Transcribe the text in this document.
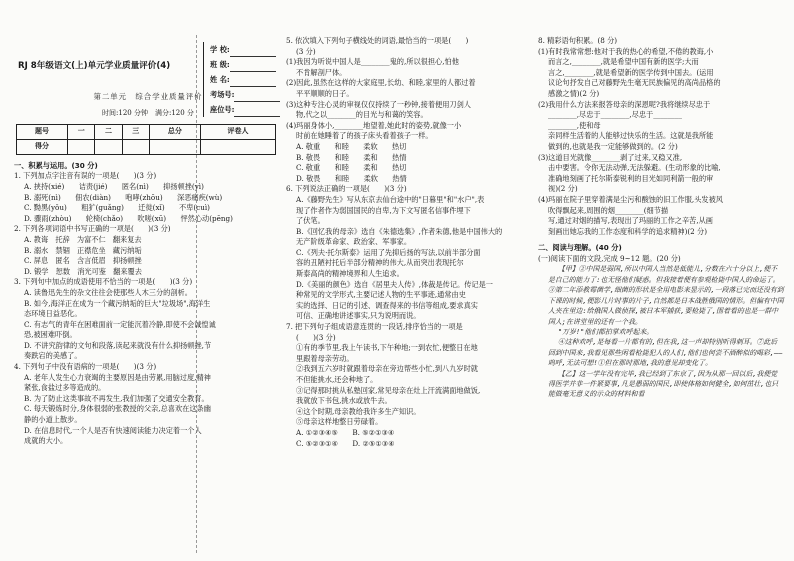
学 校:
班 级:
姓 名:
考场号:
座位号:

RJ 8年级语文(上)单元学业质量评价(4)

第二单元　综合学业质量评价

时间:120 分钟　满分:120 分

题号	一	二	三	总分	评卷人
得分					

一、积累与运用。(30 分)

1. 下列加点字注音有误的一项是(　　)(3 分)

A. 挟持(xié)　　诘责(jié)　　匿名(nì)　　抑扬顿挫(yì)

B. 溺死(nì)　　佃农(diàn)　　咆哮(zhōu)　　深恶痛疾(wù)

C. 黝黑(yǒu)　　粗犷(guǎng)　　迁徙(xǐ)　　不卑(cuì)

D. 骤雨(zhòu)　　轮椅(chǎo)　　吹嗟(xū)　　怦然心动(pēng)

2. 下列各项词语中书写正确的一项是(　　)(3 分)

A. 教诲　托辞　为富不仁　翻来复去

B. 溺水　禁锢　正襟危坐　藏污纳垢

C. 屏息　匿名　含言低眉　抑扬顿挫

D. 锻学　恕数　消光可鉴　翻来覆去

3. 下列句中加点的成语使用不恰当的一项是(　　)(3 分)

A. 读鲁迅先生的杂文往往会使那些人木三分的剖析。

B. 如今,海洋正在成为一个藏污纳垢的巨大"垃圾场",海洋生

态环境日益恶化。

C. 有志气的青年在困难面前一定能沉着冷静,即使不会诚惶诚

恐,被困难吓倒。

D. 不讲究韵律的文句和段落,读起来就没有什么抑扬顿挫,节

奏跌宕的美感了。

4. 下列句子中没有语病的一项是(　　)(3 分)

A. 老年人发生心力衰竭的主要原因是由劳累,用脑过度,精神

紧张,食盐过多等造成的。

B. 为了防止这类事故不再发生,我们加强了交通安全教育。

C. 每天锻炼时分,身体很弱的张教授的父亲,总喜欢在这条幽

静的小道上散步。

D. 在信息时代,一个人是否有快速阅读能力决定着一个人

成就的大小。

5. 依次填入下列句子横线处的词语,最恰当的一项是(　　)

(3 分)

(1)我因为听说中国人是________鬼的,所以很担心,怕他

不肯解剖尸体。

(2)因此,虽然在这样的大家庭里,长幼、和睦,家里的人都过着

平平顺顺的日子。

(3)这种专注心灵的审视仅仅持续了一秒钟,接着便用刀剑人

物,代之以________的目光与和蔼的笑容。

(4)玛丽身体小,________地望着,她此时的姿势,就像一小

时前在她睡着了的孩子床头看着孩子一样。

A. 敬重　　和睦　　柔软　　热切

B. 敬畏　　和睦　　柔和　　热情

C. 敬重　　和睦　　柔和　　热切

D. 敬畏　　和睦　　柔软　　热情

6. 下列说法正确的一项是(　　)(3 分)

A.《藤野先生》写从东京去仙台途中的"日暮里"和"水户",表

现了作者作为弱国国民的自卑,为下文写匿名信事件埋下

了伏笔。

B.《回忆我的母亲》选自《朱德选集》,作者朱德,他是中国伟大的

无产阶级革命家、政治家、军事家。

C.《列夫·托尔斯泰》运用了先抑后扬的写法,以前半部分面

容的丑陋衬托后半部分精神的伟大,从而突出表现托尔

斯泰高尚的精神境界和人生追求。

D.《美丽的颜色》选自《居里夫人传》,体裁是传记。传记是一

种常见的文学形式,主要记述人物的生平事迹,通常由史

实的选择、日记的引述、调查得来的书信等组成,要求真实

可信、正确地讲述事实,只为说明而说。

7. 把下列句子组成语意连贯的一段话,排序恰当的一项是

(　　)(3 分)

①有的季节里,我上午读书,下午种地;一到农忙,便整日在地

里跟着母亲劳动。

②我到五六岁时就跟着母亲在旁边帮些小忙,到八九岁时就

不但能挑水,还会种地了。

③记得那时挑从私塾回家,常见母亲在灶上汗流满面地做饭,

我就放下书包,挑水或放牛去。

④这个时期,母亲教给我许多生产知识。

⑤母亲这样地整日劳碌着。

A. ①②③④⑤　　B. ⑤②①③④

C. ⑤②③①④　　D. ②⑤①③④

8. 精彩语句积累。(8 分)

(1)有时我常常想:他对于我的热心的希望,不倦的教诲,小

而言之,________,就是希望中国有新的医学;大而

言之,________,就是希望新的医学传到中国去。(运用

议论句抒发自己对藤野先生毫无民族偏见的高尚品格的

感激之情)(2 分)

(2)我用什么方法来报答母亲的深恩呢?我将继续尽忠于

________,尽忠于________,尽忠于________

________,使和母

亲同样生活着的人能够过快乐的生活。这就是我所能

做到的,也就是我一定能够做到的。(2 分)

(3)这道目光就像________剥了过来,又稳又准,

击中要害。令你无法动弹,无法躲避。(生动形象的比喻,

准确地刻画了托尔斯泰锐利的目光如同利箭一般的审

视)(2 分)

(4)玛丽在院子里穿着满是尘污和酸蚀的旧工作服,头发被风

吹得飘起来,周围的烟________(细节描

写,通过对烟的描写,表现出了玛丽的工作之辛苦,从画

刻画出她忘我的工作态度和科学的追求精神)(2 分)

二、阅读与理解。(40 分)

(一)阅读下面的文段,完成 9~12 题。(20 分)

【甲】②中国是弱国,所以中国人当然是低能儿,分数在六十分以上,便不是自己的能力了:也无怪他们疑惑。但我接着便有参观枪毙中国人的命运了。③第二年添教霉菌学,细菌的形状是全用电影来显示的,一段落已完而还没有到下课的时候,便影几片时事的片子,自然都是日本战胜俄国的情形。但偏有中国人夹在里边:给俄国人做侦探,被日本军捕获,要枪毙了,围着看的也是一群中国人;在讲堂里的还有一个我。

"万岁!"他们都拍掌欢呼起来。

④这种欢呼,是每看一片都有的,但在我,这一声却特别听得刺耳。⑦此后回到中国来,我看见那些闲看枪毙犯人的人们,他们也何尝不酒醉似的喝彩,——呜呼,无法可想!①但在那时那地,我的意见却变化了。

【乙】这一学年没有完毕,我已经到了东京了,因为从那一回以后,我便觉得医学并非一件紧要事,凡是愚弱的国民,即使体格如何健全,如何茁壮,也只能做毫无意义的示众的材料和看
